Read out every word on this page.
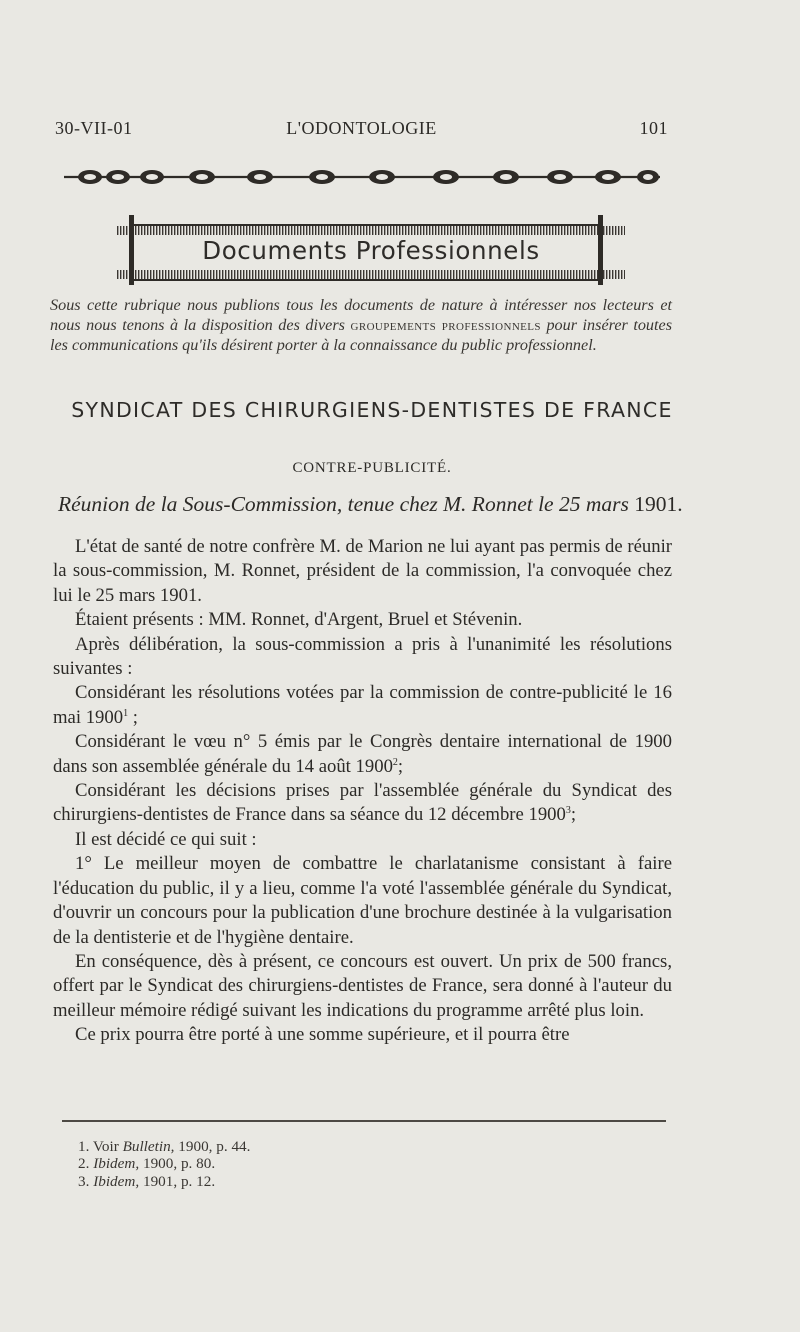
30-VII-01	L'ODONTOLOGIE	101
Documents Professionnels
Sous cette rubrique nous publions tous les documents de nature à intéresser nos lecteurs et nous nous tenons à la disposition des divers groupements professionnels pour insérer toutes les communications qu'ils désirent porter à la connaissance du public professionnel.
SYNDICAT DES CHIRURGIENS-DENTISTES DE FRANCE
CONTRE-PUBLICITÉ.
Réunion de la Sous-Commission, tenue chez M. Ronnet le 25 mars 1901.

L'état de santé de notre confrère M. de Marion ne lui ayant pas permis de réunir la sous-commission, M. Ronnet, président de la commission, l'a convoquée chez lui le 25 mars 1901.

Étaient présents : MM. Ronnet, d'Argent, Bruel et Stévenin.

Après délibération, la sous-commission a pris à l'unanimité les résolutions suivantes :

Considérant les résolutions votées par la commission de contre-publicité le 16 mai 1900$^1$ ;

Considérant le vœu n° 5 émis par le Congrès dentaire international de 1900 dans son assemblée générale du 14 août 1900$^2$;

Considérant les décisions prises par l'assemblée générale du Syndicat des chirurgiens-dentistes de France dans sa séance du 12 décembre 1900$^3$;

Il est décidé ce qui suit :

1° Le meilleur moyen de combattre le charlatanisme consistant à faire l'éducation du public, il y a lieu, comme l'a voté l'assemblée générale du Syndicat, d'ouvrir un concours pour la publication d'une brochure destinée à la vulgarisation de la dentisterie et de l'hygiène dentaire.

En conséquence, dès à présent, ce concours est ouvert. Un prix de 500 francs, offert par le Syndicat des chirurgiens-dentistes de France, sera donné à l'auteur du meilleur mémoire rédigé suivant les indications du programme arrêté plus loin.

Ce prix pourra être porté à une somme supérieure, et il pourra être

1. Voir Bulletin, 1900, p. 44.
2. Ibidem, 1900, p. 80.
3. Ibidem, 1901, p. 12.
